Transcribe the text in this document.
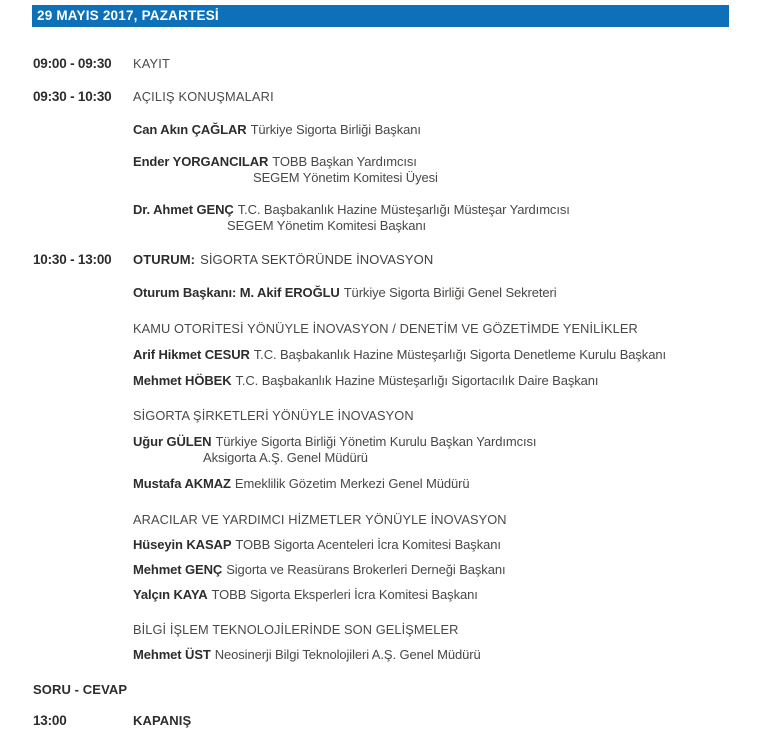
29 MAYIS 2017, PAZARTESİ
09:00 - 09:30	KAYIT
09:30 - 10:30	AÇILIŞ KONUŞMALARI
Can Akın ÇAĞLAR Türkiye Sigorta Birliği Başkanı
Ender YORGANCILAR TOBB Başkan Yardımcısı
SEGEM Yönetim Komitesi Üyesi
Dr. Ahmet GENÇ T.C. Başbakanlık Hazine Müsteşarlığı Müsteşar Yardımcısı
SEGEM Yönetim Komitesi Başkanı
10:30 - 13:00	OTURUM: SİGORTA SEKTÖRÜNDE İNOVASYON
Oturum Başkanı: M. Akif EROĞLU Türkiye Sigorta Birliği Genel Sekreteri
KAMU OTORİTESİ YÖNÜYLE İNOVASYON / DENETİM VE GÖZETİMDE YENİLİKLER
Arif Hikmet CESUR T.C. Başbakanlık Hazine Müsteşarlığı Sigorta Denetleme Kurulu Başkanı
Mehmet HÖBEK T.C. Başbakanlık Hazine Müsteşarlığı Sigortacılık Daire Başkanı
SİGORTA ŞİRKETLERİ YÖNÜYLE İNOVASYON
Uğur GÜLEN Türkiye Sigorta Birliği Yönetim Kurulu Başkan Yardımcısı
Aksigorta A.Ş. Genel Müdürü
Mustafa AKMAZ Emeklilik Gözetim Merkezi Genel Müdürü
ARACILAR VE YARDIMCI HİZMETLER YÖNÜYLE İNOVASYON
Hüseyin KASAP TOBB Sigorta Acenteleri İcra Komitesi Başkanı
Mehmet GENÇ Sigorta ve Reasürans Brokerleri Derneği Başkanı
Yalçın KAYA TOBB Sigorta Eksperleri İcra Komitesi Başkanı
BİLGİ İŞLEM TEKNOLOJİLERİNDE SON GELİŞMELER
Mehmet ÜST Neosinerji Bilgi Teknolojileri A.Ş. Genel Müdürü
SORU - CEVAP
13:00	KAPANIŞ
